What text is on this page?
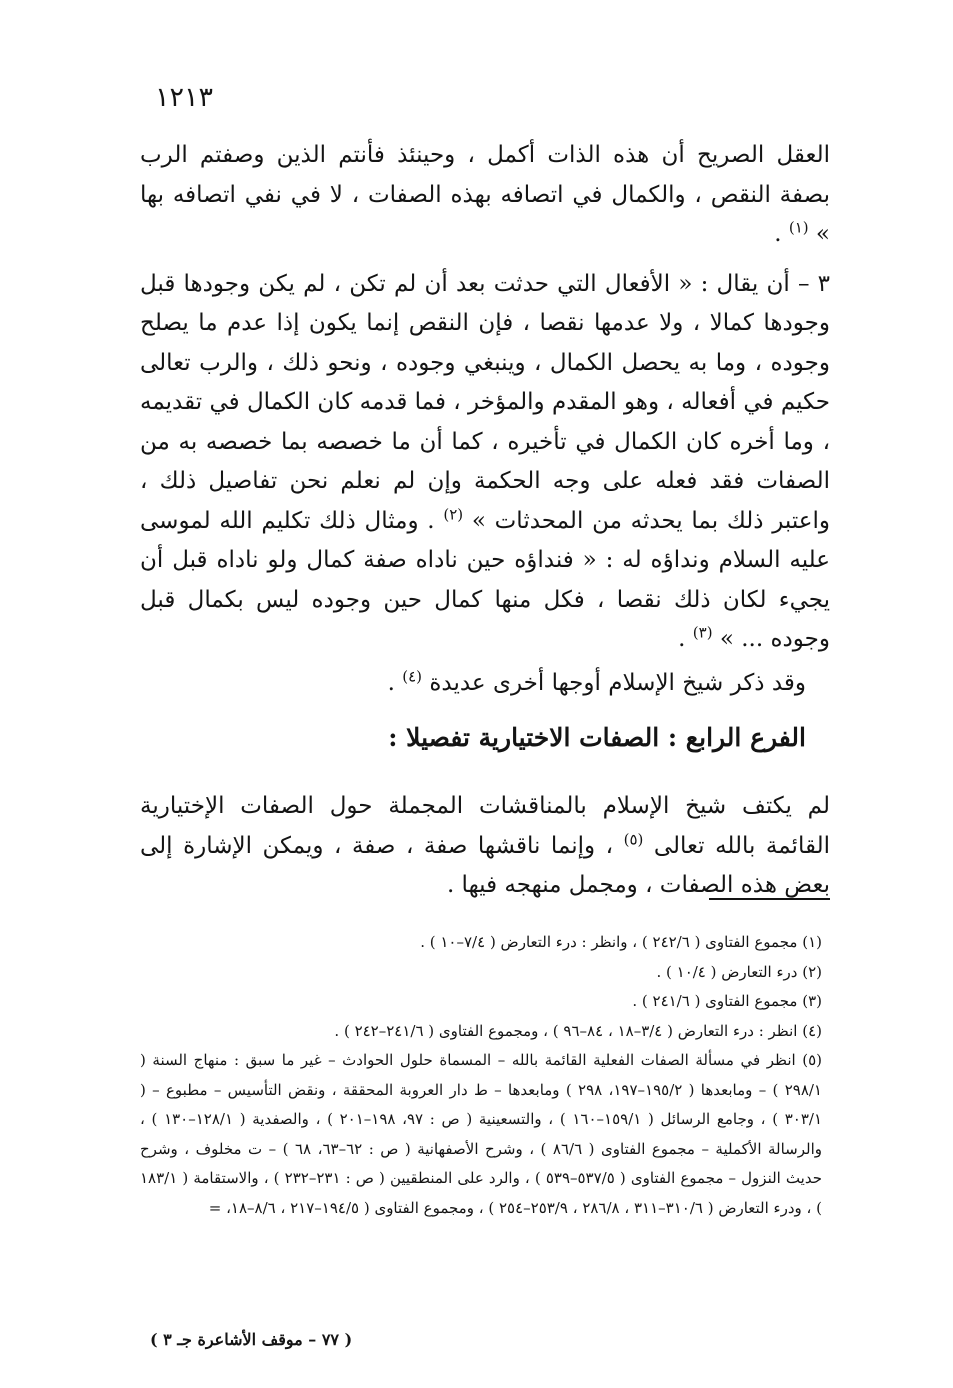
١٢١٣

العقل الصريح أن هذه الذات أكمل ، وحينئذ فأنتم الذين وصفتم الرب بصفة النقص ، والكمال في اتصافه بهذه الصفات ، لا في نفي اتصافه بها » $^{(١)}$ .

٣ – أن يقال : « الأفعال التي حدثت بعد أن لم تكن ، لم يكن وجودها قبل وجودها كمالا ، ولا عدمها نقصا ، فإن النقص إنما يكون إذا عدم ما يصلح وجوده ، وما به يحصل الكمال ، وينبغي وجوده ، ونحو ذلك ، والرب تعالى حكيم في أفعاله ، وهو المقدم والمؤخر ، فما قدمه كان الكمال في تقديمه ، وما أخره كان الكمال في تأخيره ، كما أن ما خصصه بما خصصه به من الصفات فقد فعله على وجه الحكمة وإن لم نعلم نحن تفاصيل ذلك ، واعتبر ذلك بما يحدثه من المحدثات » $^{(٢)}$ . ومثال ذلك تكليم الله لموسى عليه السلام ونداؤه له : « فنداؤه حين ناداه صفة كمال ولو ناداه قبل أن يجيء لكان ذلك نقصا ، فكل منها كمال حين وجوده ليس بكمال قبل وجوده ... » $^{(٣)}$ .

وقد ذكر شيخ الإسلام أوجها أخرى عديدة $^{(٤)}$ .

الفرع الرابع : الصفات الاختيارية تفصيلا :

لم يكتف شيخ الإسلام بالمناقشات المجملة حول الصفات الإختيارية القائمة بالله تعالى $^{(٥)}$ ، وإنما ناقشها صفة ، صفة ، ويمكن الإشارة إلى بعض هذه الصفات ، ومجمل منهجه فيها .

(١) مجموع الفتاوى ( ٢٤٢/٦ ) ، وانظر : درء التعارض ( ٧/٤–١٠ ) .

(٢) درء التعارض ( ١٠/٤ ) .

(٣) مجموع الفتاوى ( ٢٤١/٦ ) .

(٤) انظر : درء التعارض ( ٣/٤–١٨ ، ٨٤–٩٦ ) ، ومجموع الفتاوى ( ٢٤١/٦–٢٤٢ ) .

(٥) انظر في مسألة الصفات الفعلية القائمة بالله – المسماة حلول الحوادث – غير ما سبق : منهاج السنة ( ٢٩٨/١ ) – ومابعدها ( ١٩٥/٢–١٩٧، ٢٩٨ ) ومابعدها – ط دار العروبة المحققة ، ونقض التأسيس – مطبوع – ( ٣٠٣/١ ) ، وجامع الرسائل ( ١٥٩/١–١٦٠ ) ، والتسعينية ( ص : ٩٧، ١٩٨–٢٠١ ) ، والصفدية ( ١٢٨/١–١٣٠ ) ، والرسالة الأكملية – مجموع الفتاوى ( ٨٦/٦ ) ، وشرح الأصفهانية ( ص : ٦٢–٦٣، ٦٨ ) – ت مخلوف ، وشرح حديث النزول – مجموع الفتاوى ( ٥٣٧/٥–٥٣٩ ) ، والرد على المنطقيين ( ص : ٢٣١–٢٣٢ ) ، والاستقامة ( ١٨٣/١ ) ، ودرء التعارض ( ٣١٠/٦–٣١١ ، ٢٨٦/٨ ، ٢٥٣/٩–٢٥٤ ) ، ومجموع الفتاوى ( ١٩٤/٥–٢١٧ ، ٨/٦–١٨، =

( ٧٧ – موقف الأشاعرة جـ ٣ )
